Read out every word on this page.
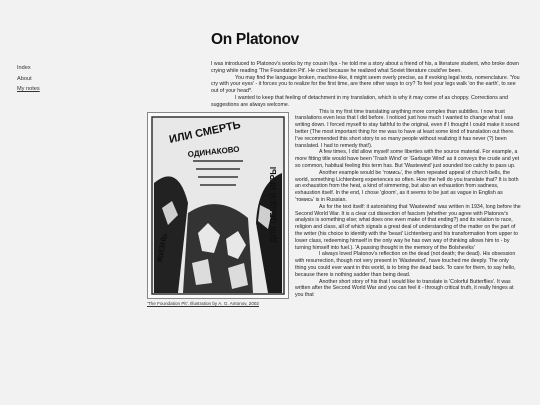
Index
About
My notes
On Platonov

I was introduced to Platonov's works by my cousin Ilya - he told me a story about a friend of his, a literature student, who broke down crying while reading 'The Foundation Pit'. He cried because he realized what Soviet literature could've been.

You may find the language broken, machine-like, it might seem overly precise, as if evoking legal texts, nomenclature. 'You cry with your eyes' - it forces you to realize for the first time, are there other ways to cry? To feel your legs walk 'on the earth', to see out of your head*.

I wanted to keep that feeling of detachment in my translation, which is why it may come of as choppy. Corrections and suggestions are always welcome.

ИЛИ СМЕРТЬ
ОДИНАКОВО
ЖИЗНЬ
ДЛЯ ОБЩЕЙ ИГРЫ
'The Foundation Pit'. Illustration by A. G. Antonov, 2002

This is my first time translating anything more complex than subtitles. I now trust translations even less that I did before. I noticed just how much I wanted to change what I was writing down. I forced myself to stay faithful to the original, even if I thought I could make it sound better (The most important thing for me was to have at least some kind of translation out there. I've recommended this short story to so many people without realizing it has never (?) been translated. I had to remedy that!).

A few times, I did allow myself some liberties with the source material. For example, a more fitting title would have been 'Trash Wind' or 'Garbage Wind' as it conveys the crude and yet so common, habitual feeling this term has. But 'Wastewind' just sounded too catchy to pass up.

Another example would be 'томись', the often repeated appeal of church bells, the world, something Lichtenberg experiences so often. How the hell do you translate that? It is both an exhaustion from the heat, a kind of simmering, but also an exhaustion from sadness, exhaustion itself. In the end, I chose 'gloom', as it seems to be just as vague in English as 'томись' is in Russian.

As for the text itself: it astonishing that 'Wastewind' was written in 1934, long before the Second World War. It is a clear cut dissection of fascism (whether you agree with Platonov's analysis is something else; what does one even make of that ending?) and its relation to race, religion and class, all of which signals a great deal of understanding of the matter on the part of the writer (his choice to identify with the 'beast' Lichtenberg and his transformation from upper to lower class, redeeming himself in the only way he has own way of thinking allows him to - by turning himself into fuel.). 'A passing thought in the memory of the Bolsheviks'

I always loved Platonov's reflection on the dead (not death; the dead). His obsession with resurrection, though not very present in 'Wastewind', have touched me deeply. The only thing you could ever want in this world, is to bring the dead back. To care for them, to say hello, because there is nothing sadder than being dead.

Another short story of his that I would like to translate is 'Colorful Butterflies'. It was written after the Second World War and you can feel it - through critical truth, it really hinges at you that
